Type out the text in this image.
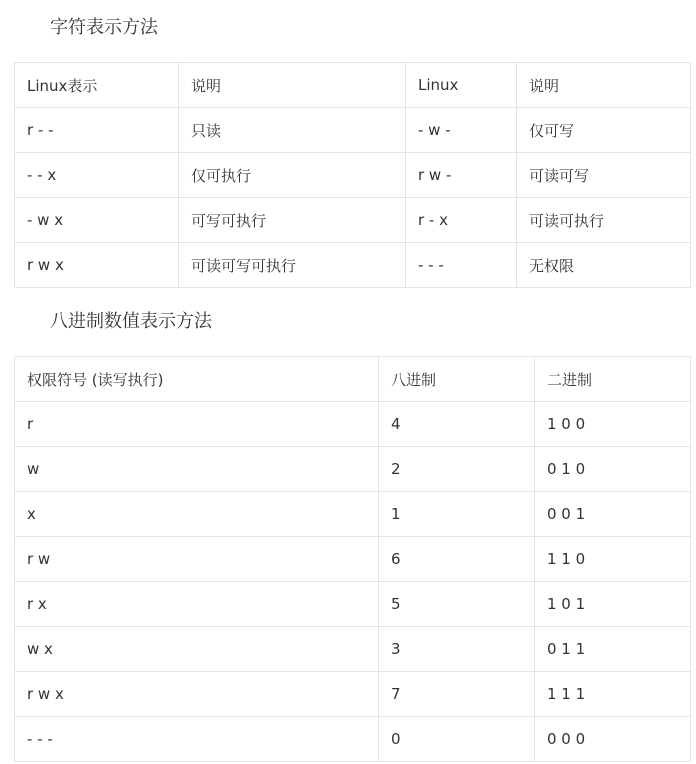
字符表示方法
Linux表示	说明	Linux	说明
r - -	只读	- w -	仅可写
- - x	仅可执行	r w -	可读可写
- w x	可写可执行	r - x	可读可执行
r w x	可读可写可执行	- - -	无权限
八进制数值表示方法
权限符号 (读写执行)	八进制	二进制
r	4	1 0 0
w	2	0 1 0
x	1	0 0 1
r w	6	1 1 0
r x	5	1 0 1
w x	3	0 1 1
r w x	7	1 1 1
- - -	0	0 0 0
